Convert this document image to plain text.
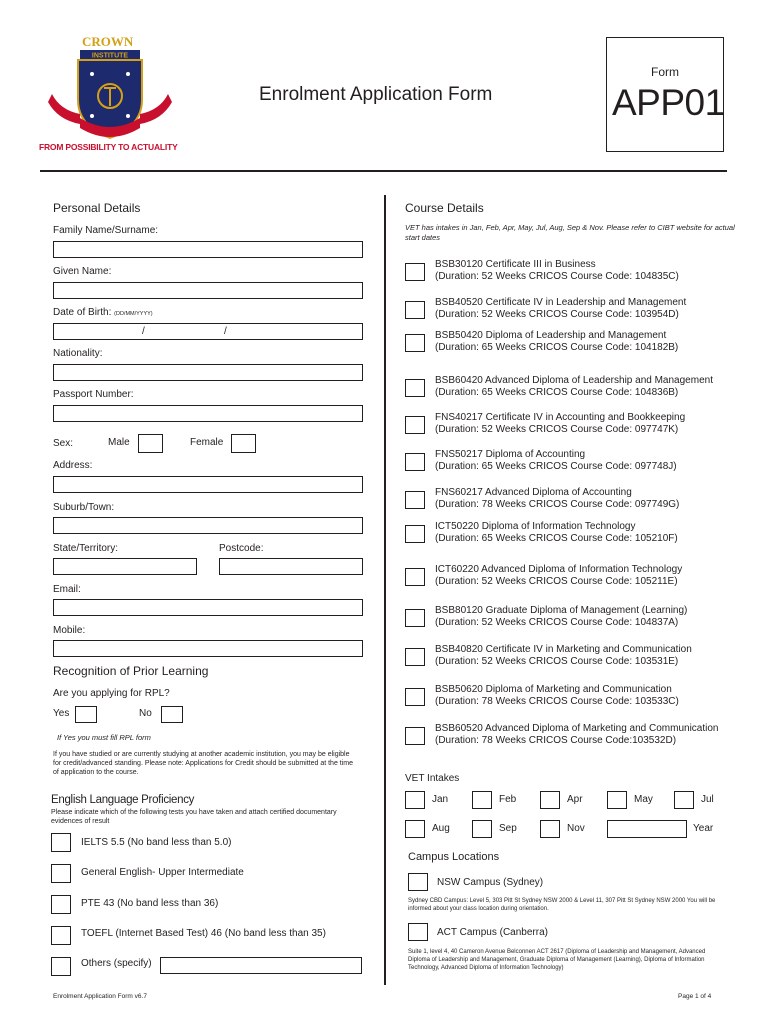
CROWN
INSTITUTE
FROM POSSIBILITY TO ACTUALITY
Enrolment Application Form
Form
APP01
Personal Details
Family Name/Surname:
Given Name:
Date of Birth: (DD/MM/YYYY)
/	/
Nationality:
Passport Number:
Sex:	Male	Female
Address:
Suburb/Town:
State/Territory:	Postcode:
Email:
Mobile:
Recognition of Prior Learning
Are you applying for RPL?
Yes	No
If Yes you must fill RPL form
If you have studied or are currently studying at another academic institution, you may be eligible for credit/advanced standing. Please note: Applications for Credit should be submitted at the time of application to the course.
English Language Proficiency
Please indicate which of the following tests you have taken and attach certified documentary evidences of result
IELTS 5.5 (No band less than 5.0)
General English- Upper Intermediate
PTE 43 (No band less than 36)
TOEFL (Internet Based Test) 46 (No band less than 35)
Others (specify)
Course Details
VET has intakes in Jan, Feb, Apr, May, Jul, Aug, Sep & Nov. Please refer to CIBT website for actual start dates
BSB30120 Certificate III in Business
(Duration: 52 Weeks CRICOS Course Code: 104835C)
BSB40520 Certificate IV in Leadership and Management
(Duration: 52 Weeks CRICOS Course Code: 103954D)
BSB50420 Diploma of Leadership and Management
(Duration: 65 Weeks CRICOS Course Code: 104182B)
BSB60420 Advanced Diploma of Leadership and Management
(Duration: 65 Weeks CRICOS Course Code: 104836B)
FNS40217 Certificate IV in Accounting and Bookkeeping
(Duration: 52 Weeks CRICOS Course Code: 097747K)
FNS50217 Diploma of Accounting
(Duration: 65 Weeks CRICOS Course Code: 097748J)
FNS60217 Advanced Diploma of Accounting
(Duration: 78 Weeks CRICOS Course Code: 097749G)
ICT50220 Diploma of Information Technology
(Duration: 65 Weeks CRICOS Course Code: 105210F)
ICT60220 Advanced Diploma of Information Technology
(Duration: 52 Weeks CRICOS Course Code: 105211E)
BSB80120 Graduate Diploma of Management (Learning)
(Duration: 52 Weeks CRICOS Course Code: 104837A)
BSB40820 Certificate IV in Marketing and Communication
(Duration: 52 Weeks CRICOS Course Code: 103531E)
BSB50620 Diploma of Marketing and Communication
(Duration: 78 Weeks CRICOS Course Code: 103533C)
BSB60520 Advanced Diploma of Marketing and Communication
(Duration: 78 Weeks CRICOS Course Code:103532D)
VET Intakes
Jan	Feb	Apr	May	Jul
Aug	Sep	Nov	Year
Campus Locations
NSW Campus (Sydney)
Sydney CBD Campus: Level 5, 303 Pitt St Sydney NSW 2000 & Level 11, 307 Pitt St Sydney NSW 2000 You will be informed about your class location during orientation.
ACT Campus (Canberra)
Suite 1, level 4, 40 Cameron Avenue Belconnen ACT 2617 (Diploma of Leadership and Management, Advanced Diploma of Leadership and Management, Graduate Diploma of Management (Learning), Diploma of Information Technology, Advanced Diploma of Information Technology)
Enrolment Application Form v6.7	Page 1 of 4
